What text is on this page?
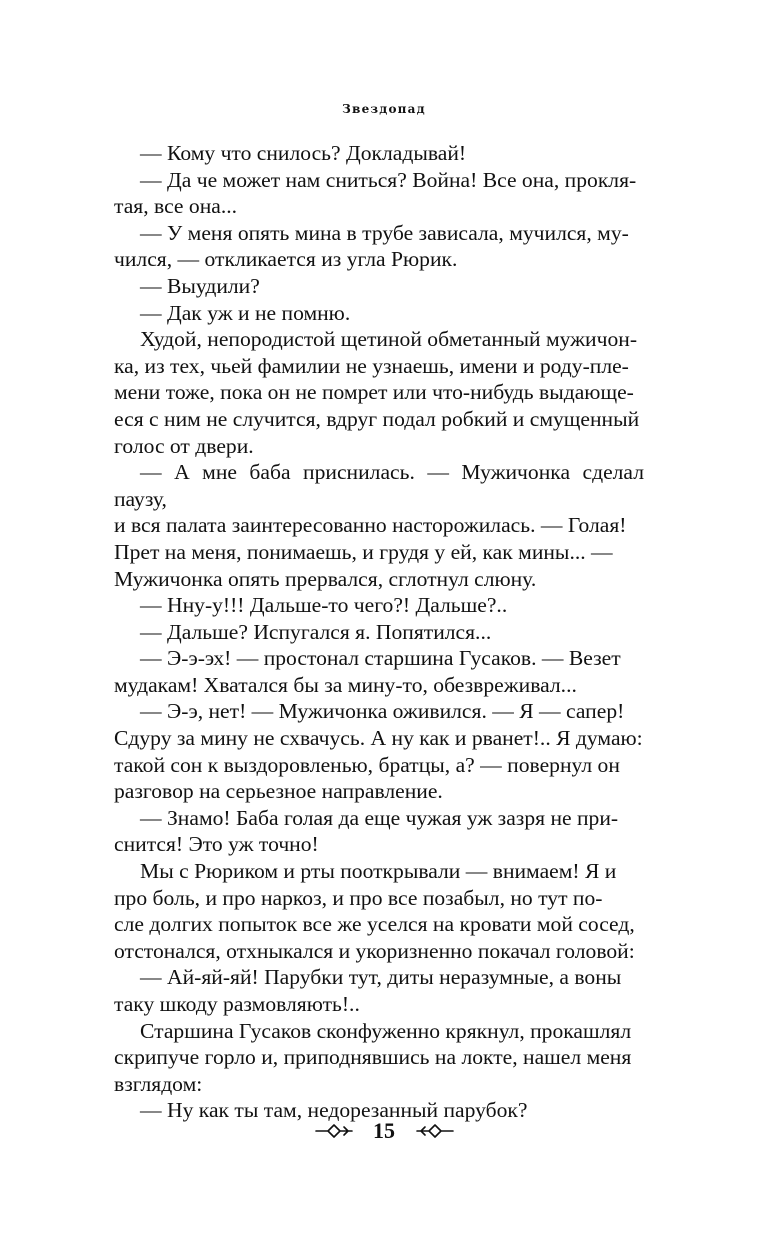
Звездопад

— Кому что снилось? Докладывай!

— Да че может нам сниться? Война! Все она, прокля-
тая, все она...

— У меня опять мина в трубе зависала, мучился, му-
чился, — откликается из угла Рюрик.

— Выудили?

— Дак уж и не помню.

Худой, непородистой щетиной обметанный мужичон-
ка, из тех, чьей фамилии не узнаешь, имени и роду-пле-
мени тоже, пока он не помрет или что-нибудь выдающе-
еся с ним не случится, вдруг подал робкий и смущенный
голос от двери.

— А мне баба приснилась. — Мужичонка сделал паузу,
и вся палата заинтересованно насторожилась. — Голая!
Прет на меня, понимаешь, и грудя у ей, как мины... —
Мужичонка опять прервался, сглотнул слюну.

— Нну-у!!! Дальше-то чего?! Дальше?..

— Дальше? Испугался я. Попятился...

— Э-э-эх! — простонал старшина Гусаков. — Везет
мудакам! Хватался бы за мину-то, обезвреживал...

— Э-э, нет! — Мужичонка оживился. — Я — сапер!
Сдуру за мину не схвачусь. А ну как и рванет!.. Я думаю:
такой сон к выздоровленью, братцы, а? — повернул он
разговор на серьезное направление.

— Знамо! Баба голая да еще чужая уж зазря не при-
снится! Это уж точно!

Мы с Рюриком и рты пооткрывали — внимаем! Я и
про боль, и про наркоз, и про все позабыл, но тут по-
сле долгих попыток все же уселся на кровати мой сосед,
отстонался, отхныкался и укоризненно покачал головой:

— Ай-яй-яй! Парубки тут, диты неразумные, а воны
таку шкоду размовляють!..

Старшина Гусаков сконфуженно крякнул, прокашлял
скрипуче горло и, приподнявшись на локте, нашел меня
взглядом:

— Ну как ты там, недорезанный парубок?

15
